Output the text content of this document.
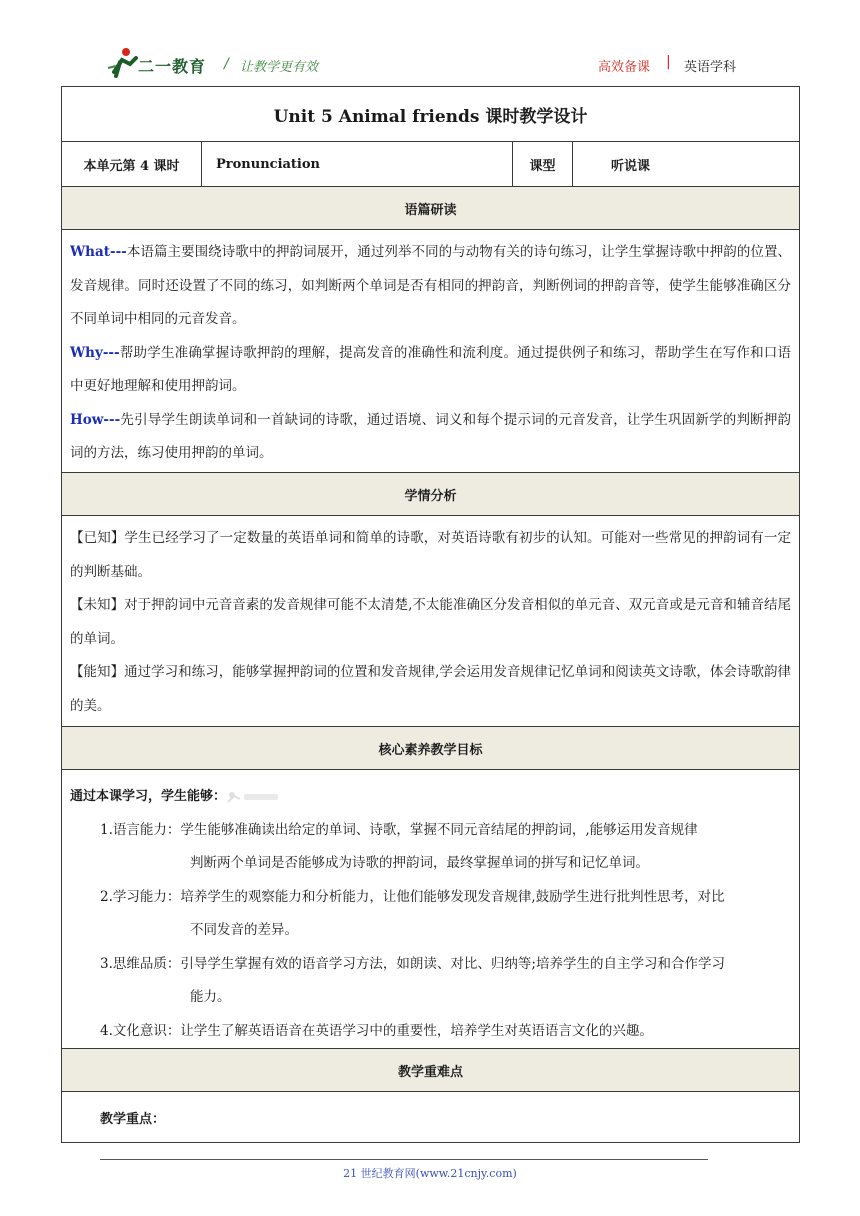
二一教育 / 让教学更有效	高效备课 | 英语学科
Unit 5 Animal friends 课时教学设计
本单元第 4 课时	Pronunciation	课型	听说课
语篇研读

What---本语篇主要围绕诗歌中的押韵词展开，通过列举不同的与动物有关的诗句练习，让学生掌握诗歌中押韵的位置、发音规律。同时还设置了不同的练习，如判断两个单词是否有相同的押韵音，判断例词的押韵音等，使学生能够准确区分不同单词中相同的元音发音。

Why---帮助学生准确掌握诗歌押韵的理解，提高发音的准确性和流利度。通过提供例子和练习，帮助学生在写作和口语中更好地理解和使用押韵词。

How---先引导学生朗读单词和一首缺词的诗歌，通过语境、词义和每个提示词的元音发音，让学生巩固新学的判断押韵词的方法，练习使用押韵的单词。

学情分析

【已知】学生已经学习了一定数量的英语单词和简单的诗歌，对英语诗歌有初步的认知。可能对一些常见的押韵词有一定的判断基础。

【未知】对于押韵词中元音音素的发音规律可能不太清楚,不太能准确区分发音相似的单元音、双元音或是元音和辅音结尾的单词。

【能知】通过学习和练习，能够掌握押韵词的位置和发音规律,学会运用发音规律记忆单词和阅读英文诗歌，体会诗歌韵律的美。

核心素养教学目标

通过本课学习，学生能够：

1.语言能力：学生能够准确读出给定的单词、诗歌，掌握不同元音结尾的押韵词，,能够运用发音规律

判断两个单词是否能够成为诗歌的押韵词，最终掌握单词的拼写和记忆单词。

2.学习能力：培养学生的观察能力和分析能力，让他们能够发现发音规律,鼓励学生进行批判性思考，对比

不同发音的差异。

3.思维品质：引导学生掌握有效的语音学习方法，如朗读、对比、归纳等;培养学生的自主学习和合作学习

能力。

4.文化意识：让学生了解英语语音在英语学习中的重要性，培养学生对英语语言文化的兴趣。

教学重难点
教学重点：
21 世纪教育网(www.21cnjy.com)
